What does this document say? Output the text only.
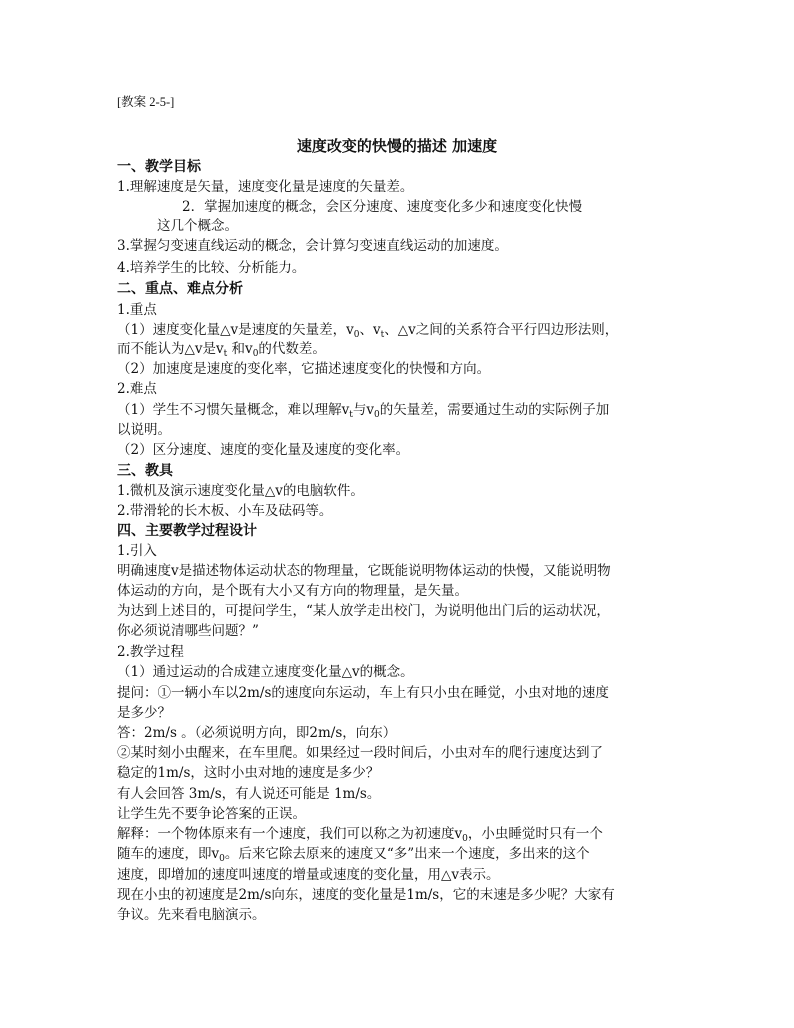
[教案 2-5-]
速度改变的快慢的描述 加速度
一、教学目标
1.理解速度是矢量，速度变化量是速度的矢量差。
2．掌握加速度的概念，会区分速度、速度变化多少和速度变化快慢
这几个概念。
3.掌握匀变速直线运动的概念，会计算匀变速直线运动的加速度。
4.培养学生的比较、分析能力。
二、重点、难点分析
1.重点
（1）速度变化量△v是速度的矢量差，$v_0$、$v_t$、△v之间的关系符合平行四边形法则，
而不能认为△v是$v_t$ 和$v_0$的代数差。
（2）加速度是速度的变化率，它描述速度变化的快慢和方向。
2.难点
（1）学生不习惯矢量概念，难以理解$v_t$与$v_0$的矢量差，需要通过生动的实际例子加
以说明。
（2）区分速度、速度的变化量及速度的变化率。
三、教具
1.微机及演示速度变化量△v的电脑软件。
2.带滑轮的长木板、小车及砝码等。
四、主要教学过程设计
1.引入
明确速度v是描述物体运动状态的物理量，它既能说明物体运动的快慢，又能说明物
体运动的方向，是个既有大小又有方向的物理量，是矢量。
为达到上述目的，可提问学生，“某人放学走出校门，为说明他出门后的运动状况，
你必须说清哪些问题？”
2.教学过程
（1）通过运动的合成建立速度变化量△v的概念。
提问：①一辆小车以2m/s的速度向东运动，车上有只小虫在睡觉，小虫对地的速度
是多少？
答：2m/s 。（必须说明方向，即2m/s，向东）
②某时刻小虫醒来，在车里爬。如果经过一段时间后，小虫对车的爬行速度达到了
稳定的1m/s，这时小虫对地的速度是多少？
有人会回答 3m/s，有人说还可能是 1m/s。
让学生先不要争论答案的正误。
解释：一个物体原来有一个速度，我们可以称之为初速度$v_0$，小虫睡觉时只有一个
随车的速度，即$v_0$。后来它除去原来的速度又“多”出来一个速度，多出来的这个
速度，即增加的速度叫速度的增量或速度的变化量，用△v表示。
现在小虫的初速度是2m/s向东，速度的变化量是1m/s，它的末速是多少呢？大家有
争议。先来看电脑演示。
